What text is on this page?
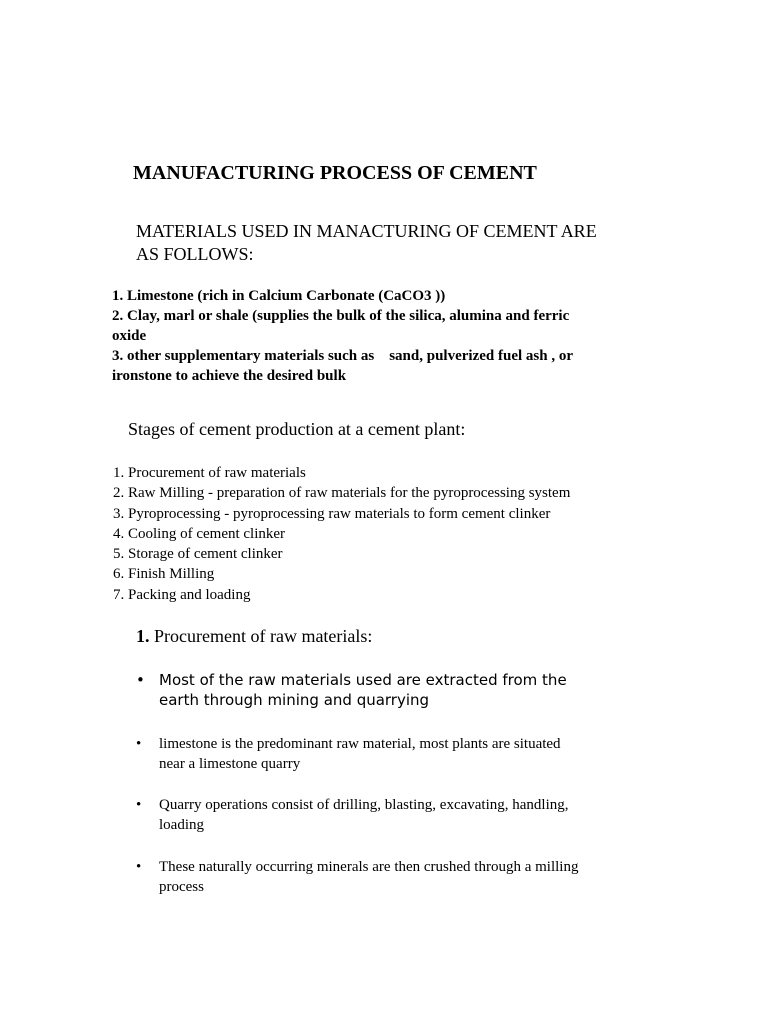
MANUFACTURING PROCESS OF CEMENT
MATERIALS USED IN MANACTURING OF CEMENT ARE
AS FOLLOWS:
1. Limestone (rich in Calcium Carbonate (CaCO3 ))
2. Clay, marl or shale (supplies the bulk of the silica, alumina and ferric
oxide
3. other supplementary materials such as    sand, pulverized fuel ash , or
ironstone to achieve the desired bulk
Stages of cement production at a cement plant:
1. Procurement of raw materials
2. Raw Milling - preparation of raw materials for the pyroprocessing system
3. Pyroprocessing - pyroprocessing raw materials to form cement clinker
4. Cooling of cement clinker
5. Storage of cement clinker
6. Finish Milling
7. Packing and loading
1. Procurement of raw materials:
• Most of the raw materials used are extracted from the
earth through mining and quarrying
• limestone is the predominant raw material, most plants are situated
near a limestone quarry
• Quarry operations consist of drilling, blasting, excavating, handling,
loading
• These naturally occurring minerals are then crushed through a milling
process
